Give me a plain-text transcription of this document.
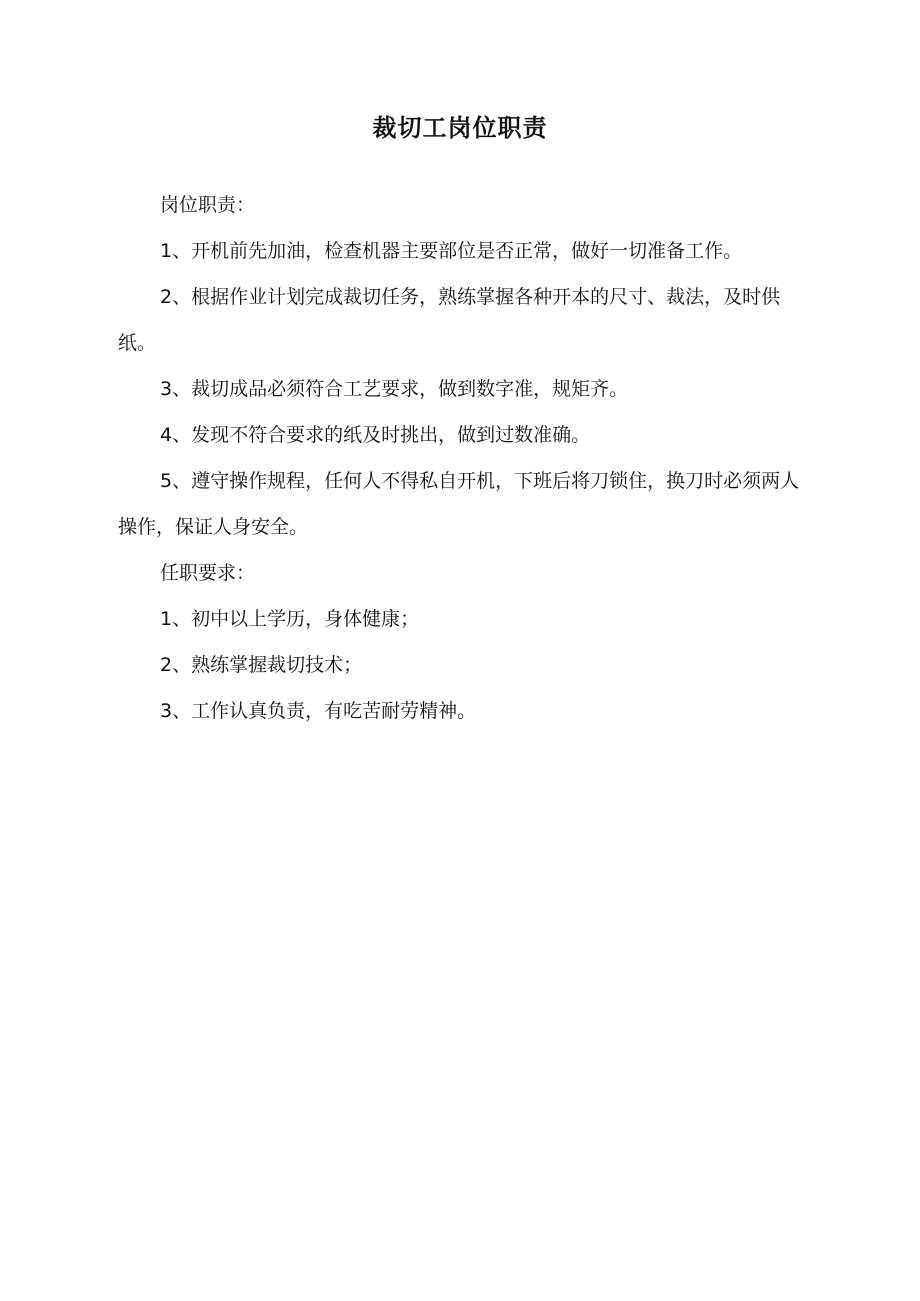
裁切工岗位职责

岗位职责：

1、开机前先加油，检查机器主要部位是否正常，做好一切准备工作。

2、根据作业计划完成裁切任务，熟练掌握各种开本的尺寸、裁法，及时供纸。

3、裁切成品必须符合工艺要求，做到数字准，规矩齐。

4、发现不符合要求的纸及时挑出，做到过数准确。

5、遵守操作规程，任何人不得私自开机，下班后将刀锁住，换刀时必须两人操作，保证人身安全。

任职要求：

1、初中以上学历，身体健康；

2、熟练掌握裁切技术；

3、工作认真负责，有吃苦耐劳精神。
